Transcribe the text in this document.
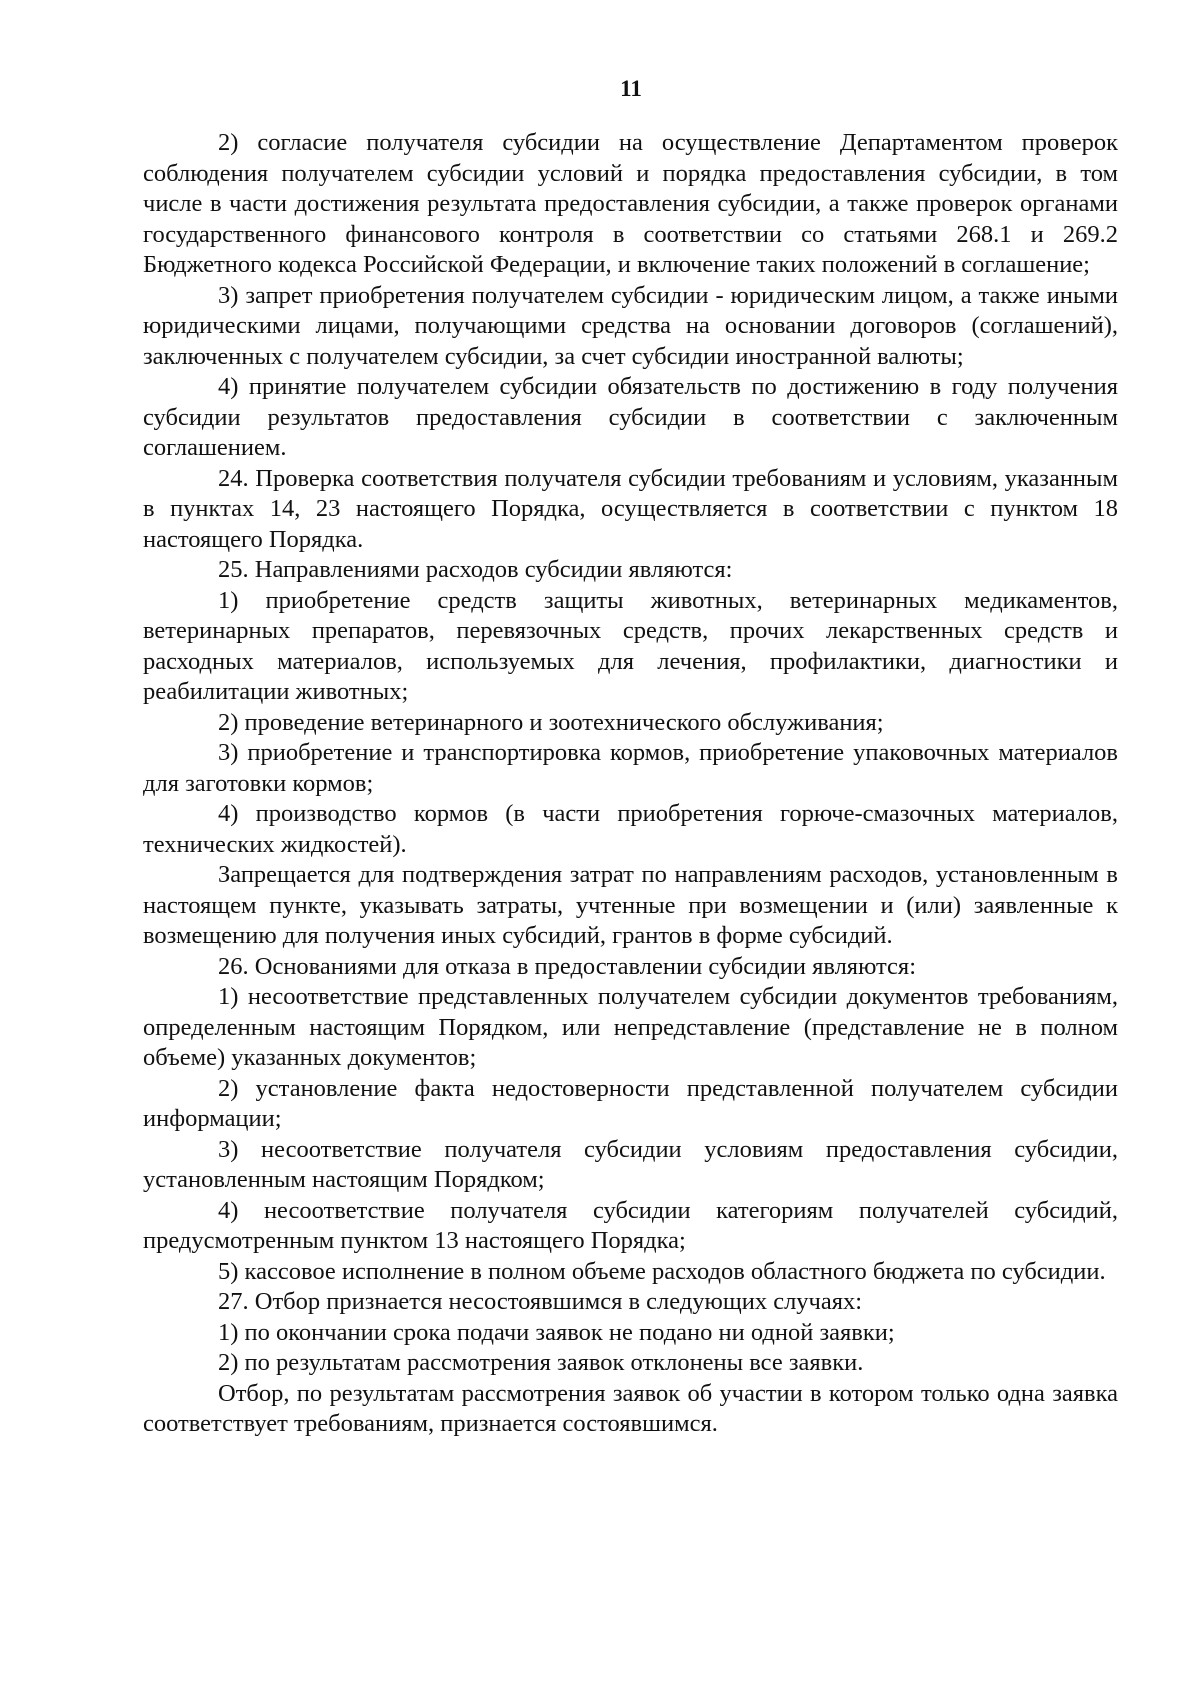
11

2) согласие получателя субсидии на осуществление Департаментом проверок соблюдения получателем субсидии условий и порядка предоставления субсидии, в том числе в части достижения результата предоставления субсидии, а также проверок органами государственного финансового контроля в соответствии со статьями 268.1 и 269.2 Бюджетного кодекса Российской Федерации, и включение таких положений в соглашение;

3) запрет приобретения получателем субсидии - юридическим лицом, а также иными юридическими лицами, получающими средства на основании договоров (соглашений), заключенных с получателем субсидии, за счет субсидии иностранной валюты;

4) принятие получателем субсидии обязательств по достижению в году получения субсидии результатов предоставления субсидии в соответствии с заключенным соглашением.

24. Проверка соответствия получателя субсидии требованиям и условиям, указанным в пунктах 14, 23 настоящего Порядка, осуществляется в соответствии с пунктом 18 настоящего Порядка.

25. Направлениями расходов субсидии являются:

1) приобретение средств защиты животных, ветеринарных медикаментов, ветеринарных препаратов, перевязочных средств, прочих лекарственных средств и расходных материалов, используемых для лечения, профилактики, диагностики и реабилитации животных;

2) проведение ветеринарного и зоотехнического обслуживания;

3) приобретение и транспортировка кормов, приобретение упаковочных материалов для заготовки кормов;

4) производство кормов (в части приобретения горюче-смазочных материалов, технических жидкостей).

Запрещается для подтверждения затрат по направлениям расходов, установленным в настоящем пункте, указывать затраты, учтенные при возмещении и (или) заявленные к возмещению для получения иных субсидий, грантов в форме субсидий.

26. Основаниями для отказа в предоставлении субсидии являются:

1) несоответствие представленных получателем субсидии документов требованиям, определенным настоящим Порядком, или непредставление (представление не в полном объеме) указанных документов;

2) установление факта недостоверности представленной получателем субсидии информации;

3) несоответствие получателя субсидии условиям предоставления субсидии, установленным настоящим Порядком;

4) несоответствие получателя субсидии категориям получателей субсидий, предусмотренным пунктом 13 настоящего Порядка;

5) кассовое исполнение в полном объеме расходов областного бюджета по субсидии.

27. Отбор признается несостоявшимся в следующих случаях:

1) по окончании срока подачи заявок не подано ни одной заявки;

2) по результатам рассмотрения заявок отклонены все заявки.

Отбор, по результатам рассмотрения заявок об участии в котором только одна заявка соответствует требованиям, признается состоявшимся.
